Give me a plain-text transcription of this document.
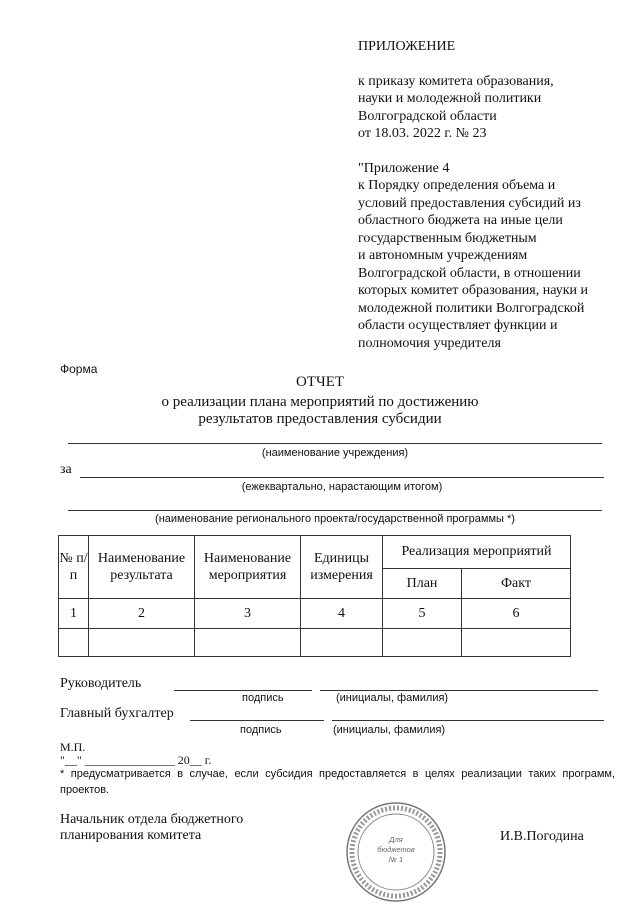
ПРИЛОЖЕНИЕ
к приказу комитета образования,
науки и молодежной политики
Волгоградской области
от 18.03. 2022 г. № 23
"Приложение 4
к Порядку определения объема и
условий предоставления субсидий из
областного бюджета на иные цели
государственным бюджетным
и автономным учреждениям
Волгоградской области, в отношении
которых комитет образования, науки и
молодежной политики Волгоградской
области осуществляет функции и
полномочия учредителя
Форма
ОТЧЕТ
о реализации плана мероприятий по достижению
результатов предоставления субсидии
(наименование учреждения)
за
(ежеквартально, нарастающим итогом)
(наименование регионального проекта/государственной программы *)
№ п/п	Наименование результата	Наименование мероприятия	Единицы измерения	Реализация мероприятий	
				План	Факт
1	2	3	4	5	6

Руководитель
подпись	(инициалы, фамилия)
Главный бухгалтер
подпись	(инициалы, фамилия)
М.П.
"__" _______________ 20__ г.
* предусматривается в случае, если субсидия предоставляется в целях реализации таких программ, проектов.
Начальник отдела бюджетного
планирования комитета	И.В.Погодина
Для
бюджетов
№ 1
